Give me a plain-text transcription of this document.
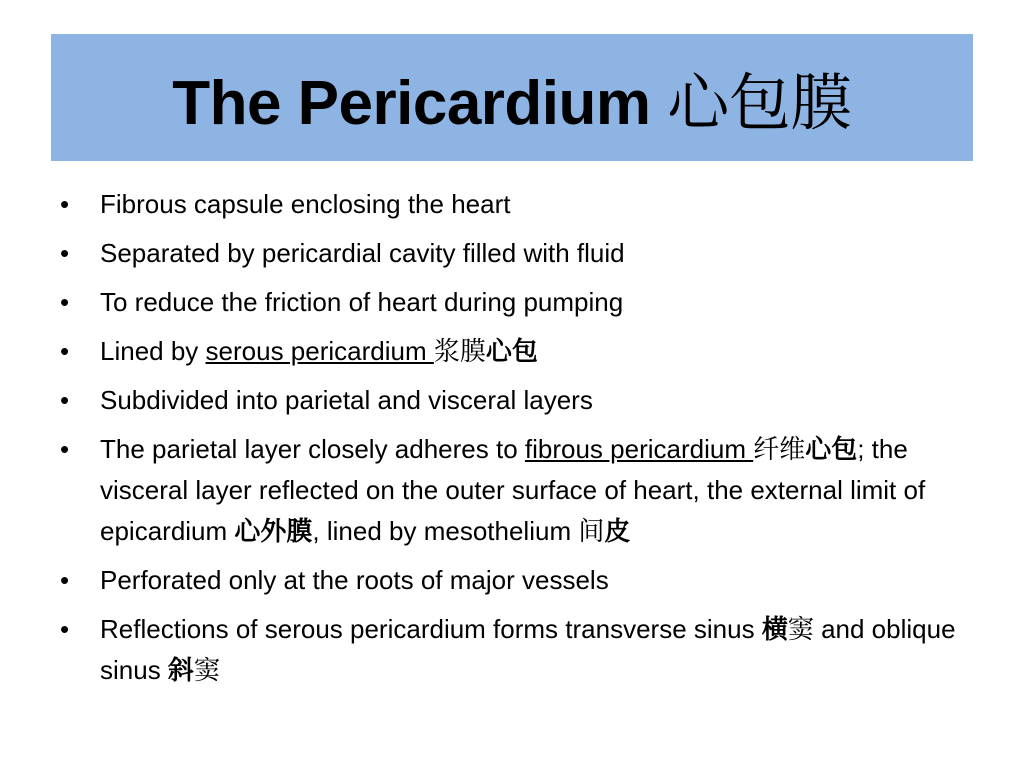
The Pericardium 心包膜
• Fibrous capsule enclosing the heart
• Separated by pericardial cavity filled with fluid
• To reduce the friction of heart during pumping
• Lined by serous pericardium 浆膜心包
• Subdivided into parietal and visceral layers
• The parietal layer closely adheres to fibrous pericardium 纤维心包; the visceral layer reflected on the outer surface of heart, the external limit of epicardium 心外膜, lined by mesothelium 间皮
• Perforated only at the roots of major vessels
• Reflections of serous pericardium forms transverse sinus 横窦 and oblique sinus 斜窦
